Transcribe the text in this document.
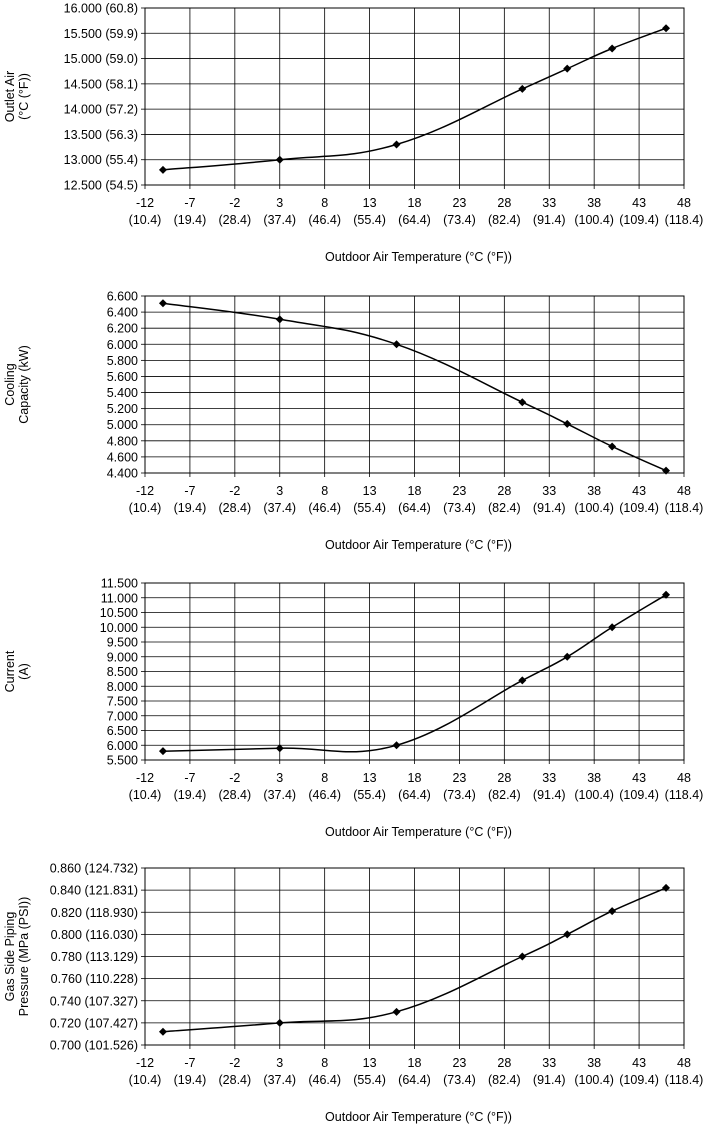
12.500 (54.5)
13.000 (55.4)
13.500 (56.3)
14.000 (57.2)
14.500 (58.1)
15.000 (59.0)
15.500 (59.9)
16.000 (60.8)
-12
(10.4)
-7
(19.4)
-2
(28.4)
3
(37.4)
8
(46.4)
13
(55.4)
18
(64.4)
23
(73.4)
28
(82.4)
33
(91.4)
38
(100.4)
43
(109.4)
48
(118.4)
Outdoor Air Temperature (°C (°F))
Outlet Air(°C (°F))
4.400
4.600
4.800
5.000
5.200
5.400
5.600
5.800
6.000
6.200
6.400
6.600
-12
(10.4)
-7
(19.4)
-2
(28.4)
3
(37.4)
8
(46.4)
13
(55.4)
18
(64.4)
23
(73.4)
28
(82.4)
33
(91.4)
38
(100.4)
43
(109.4)
48
(118.4)
Outdoor Air Temperature (°C (°F))
CoolingCapacity (kW)
5.500
6.000
6.500
7.000
7.500
8.000
8.500
9.000
9.500
10.000
10.500
11.000
11.500
-12
(10.4)
-7
(19.4)
-2
(28.4)
3
(37.4)
8
(46.4)
13
(55.4)
18
(64.4)
23
(73.4)
28
(82.4)
33
(91.4)
38
(100.4)
43
(109.4)
48
(118.4)
Outdoor Air Temperature (°C (°F))
Current(A)
0.700 (101.526)
0.720 (107.427)
0.740 (107.327)
0.760 (110.228)
0.780 (113.129)
0.800 (116.030)
0.820 (118.930)
0.840 (121.831)
0.860 (124.732)
-12
(10.4)
-7
(19.4)
-2
(28.4)
3
(37.4)
8
(46.4)
13
(55.4)
18
(64.4)
23
(73.4)
28
(82.4)
33
(91.4)
38
(100.4)
43
(109.4)
48
(118.4)
Outdoor Air Temperature (°C (°F))
Gas Side PipingPressure (MPa (PSI))
